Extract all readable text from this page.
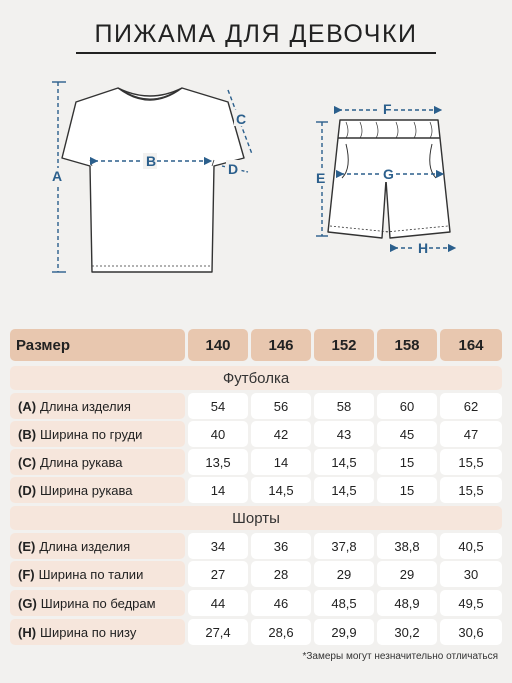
ПИЖАМА ДЛЯ ДЕВОЧКИ
A
B
C
D
F
E	G
H
Размер	140	146	152	158	164
Футболка
(A) Длина изделия	54	56	58	60	62
(B) Ширина по груди	40	42	43	45	47
(C) Длина рукава	13,5	14	14,5	15	15,5
(D) Ширина рукава	14	14,5	14,5	15	15,5
Шорты
(E) Длина изделия	34	36	37,8	38,8	40,5
(F) Ширина по талии	27	28	29	29	30
(G) Ширина по бедрам	44	46	48,5	48,9	49,5
(H) Ширина по низу	27,4	28,6	29,9	30,2	30,6
*Замеры могут незначительно отличаться
